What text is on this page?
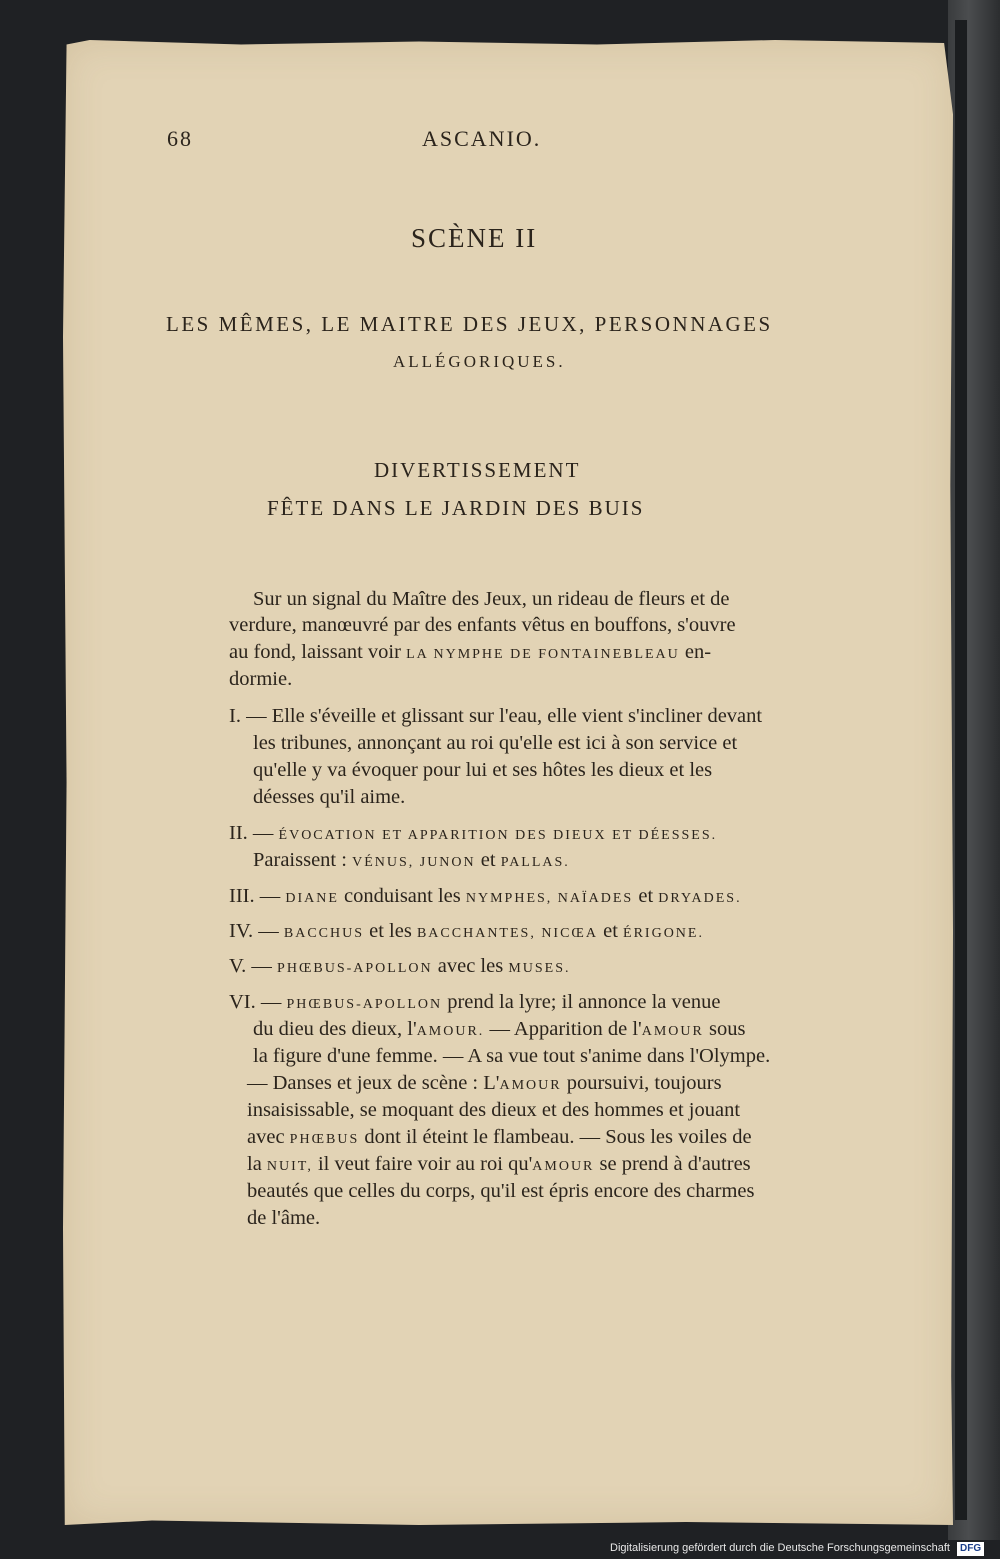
68	ASCANIO.
SCÈNE II
LES MÊMES, LE MAITRE DES JEUX, PERSONNAGES
ALLÉGORIQUES.
DIVERTISSEMENT
FÊTE DANS LE JARDIN DES BUIS
Sur un signal du Maître des Jeux, un rideau de fleurs et de
verdure, manœuvré par des enfants vêtus en bouffons, s'ouvre
au fond, laissant voir LA NYMPHE DE FONTAINEBLEAU en-
dormie.
I. — Elle s'éveille et glissant sur l'eau, elle vient s'incliner devant
les tribunes, annonçant au roi qu'elle est ici à son service et
qu'elle y va évoquer pour lui et ses hôtes les dieux et les
déesses qu'il aime.
II. — ÉVOCATION ET APPARITION DES DIEUX ET DÉESSES.
Paraissent : VÉNUS, JUNON et PALLAS.
III. — DIANE conduisant les NYMPHES, NAÏADES et DRYADES.
IV. — BACCHUS et les BACCHANTES, NICŒA et ÉRIGONE.
V. — PHŒBUS-APOLLON avec les MUSES.
VI. — PHŒBUS-APOLLON prend la lyre; il annonce la venue
du dieu des dieux, l'AMOUR. — Apparition de l'AMOUR sous
la figure d'une femme. — A sa vue tout s'anime dans l'Olympe.
— Danses et jeux de scène : L'AMOUR poursuivi, toujours
insaisissable, se moquant des dieux et des hommes et jouant
avec PHŒBUS dont il éteint le flambeau. — Sous les voiles de
la NUIT, il veut faire voir au roi qu'AMOUR se prend à d'autres
beautés que celles du corps, qu'il est épris encore des charmes
de l'âme.
Digitalisierung gefördert durch die Deutsche Forschungsgemeinschaft DFG
